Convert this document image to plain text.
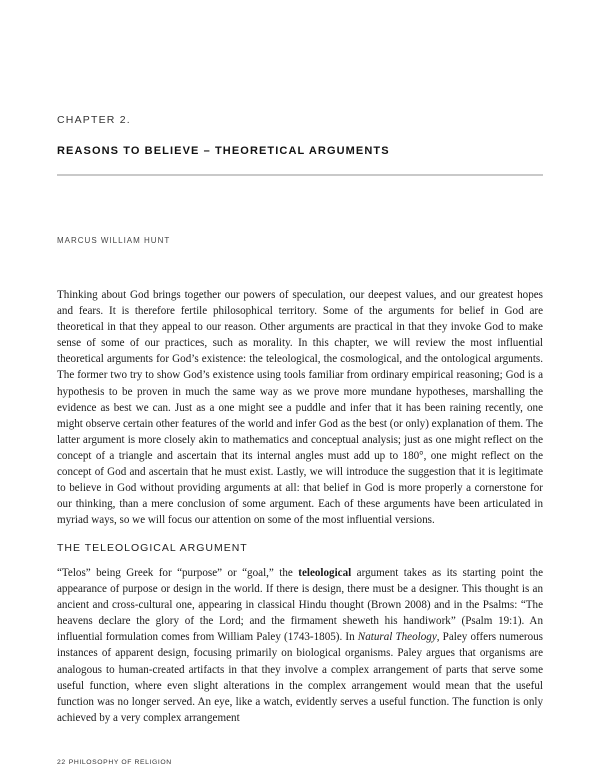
CHAPTER 2.
REASONS TO BELIEVE – THEORETICAL ARGUMENTS
MARCUS WILLIAM HUNT

Thinking about God brings together our powers of speculation, our deepest values, and our greatest hopes and fears. It is therefore fertile philosophical territory. Some of the arguments for belief in God are theoretical in that they appeal to our reason. Other arguments are practical in that they invoke God to make sense of some of our practices, such as morality. In this chapter, we will review the most influential theoretical arguments for God’s existence: the teleological, the cosmological, and the ontological arguments. The former two try to show God’s existence using tools familiar from ordinary empirical reasoning; God is a hypothesis to be proven in much the same way as we prove more mundane hypotheses, marshalling the evidence as best we can. Just as a one might see a puddle and infer that it has been raining recently, one might observe certain other features of the world and infer God as the best (or only) explanation of them. The latter argument is more closely akin to mathematics and conceptual analysis; just as one might reflect on the concept of a triangle and ascertain that its internal angles must add up to 180°, one might reflect on the concept of God and ascertain that he must exist. Lastly, we will introduce the suggestion that it is legitimate to believe in God without providing arguments at all: that belief in God is more properly a cornerstone for our thinking, than a mere conclusion of some argument. Each of these arguments have been articulated in myriad ways, so we will focus our attention on some of the most influential versions.

THE TELEOLOGICAL ARGUMENT

“Telos” being Greek for “purpose” or “goal,” the teleological argument takes as its starting point the appearance of purpose or design in the world. If there is design, there must be a designer. This thought is an ancient and cross-cultural one, appearing in classical Hindu thought (Brown 2008) and in the Psalms: “The heavens declare the glory of the Lord; and the firmament sheweth his handiwork” (Psalm 19:1). An influential formulation comes from William Paley (1743-1805). In Natural Theology, Paley offers numerous instances of apparent design, focusing primarily on biological organisms. Paley argues that organisms are analogous to human-created artifacts in that they involve a complex arrangement of parts that serve some useful function, where even slight alterations in the complex arrangement would mean that the useful function was no longer served. An eye, like a watch, evidently serves a useful function. The function is only achieved by a very complex arrangement

22 PHILOSOPHY OF RELIGION
